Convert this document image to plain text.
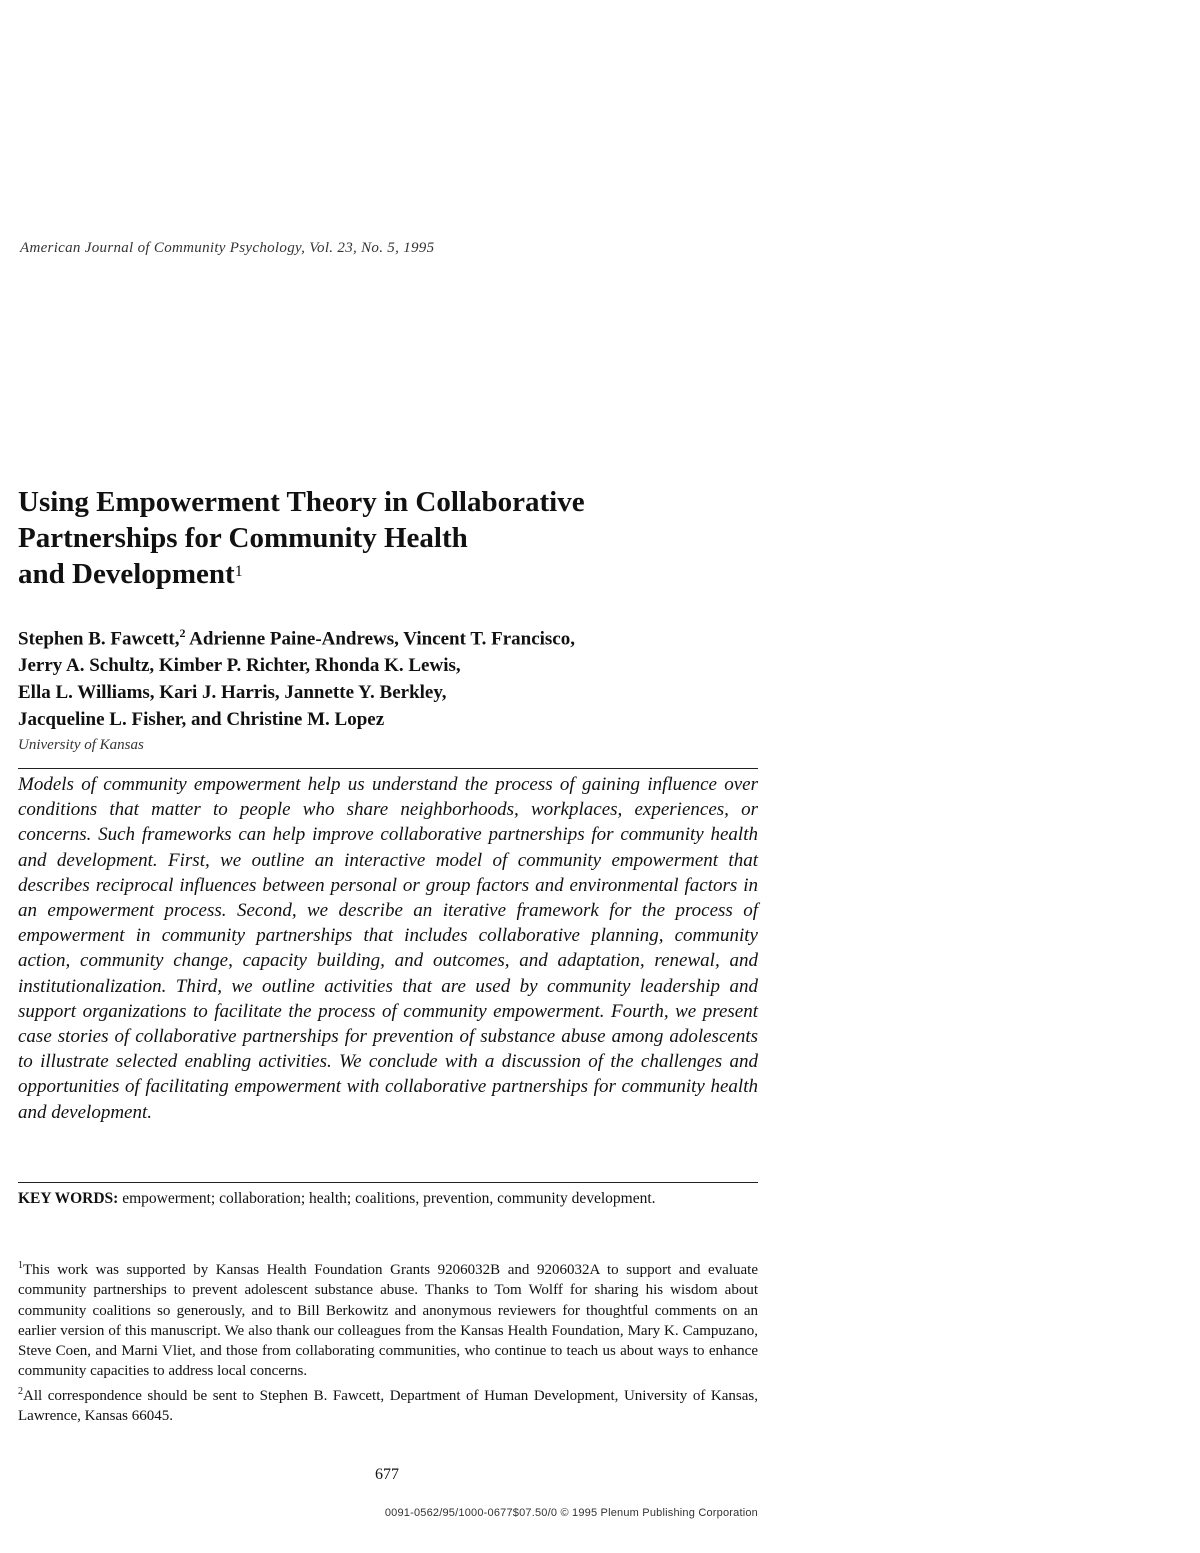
American Journal of Community Psychology, Vol. 23, No. 5, 1995
Using Empowerment Theory in Collaborative
Partnerships for Community Health
and Development$^1$
Stephen B. Fawcett,$^2$ Adrienne Paine-Andrews, Vincent T. Francisco,
Jerry A. Schultz, Kimber P. Richter, Rhonda K. Lewis,
Ella L. Williams, Kari J. Harris, Jannette Y. Berkley,
Jacqueline L. Fisher, and Christine M. Lopez
University of Kansas

Models of community empowerment help us understand the process of gaining influence over conditions that matter to people who share neighborhoods, workplaces, experiences, or concerns. Such frameworks can help improve collaborative partnerships for community health and development. First, we outline an interactive model of community empowerment that describes reciprocal influences between personal or group factors and environmental factors in an empowerment process. Second, we describe an iterative framework for the process of empowerment in community partnerships that includes collaborative planning, community action, community change, capacity building, and outcomes, and adaptation, renewal, and institutionalization. Third, we outline activities that are used by community leadership and support organizations to facilitate the process of community empowerment. Fourth, we present case stories of collaborative partnerships for prevention of substance abuse among adolescents to illustrate selected enabling activities. We conclude with a discussion of the challenges and opportunities of facilitating empowerment with collaborative partnerships for community health and development.

KEY WORDS: empowerment; collaboration; health; coalitions, prevention, community development.

$^1$This work was supported by Kansas Health Foundation Grants 9206032B and 9206032A to support and evaluate community partnerships to prevent adolescent substance abuse. Thanks to Tom Wolff for sharing his wisdom about community coalitions so generously, and to Bill Berkowitz and anonymous reviewers for thoughtful comments on an earlier version of this manuscript. We also thank our colleagues from the Kansas Health Foundation, Mary K. Campuzano, Steve Coen, and Marni Vliet, and those from collaborating communities, who continue to teach us about ways to enhance community capacities to address local concerns.

$^2$All correspondence should be sent to Stephen B. Fawcett, Department of Human Development, University of Kansas, Lawrence, Kansas 66045.

677
0091-0562/95/1000-0677$07.50/0 © 1995 Plenum Publishing Corporation
